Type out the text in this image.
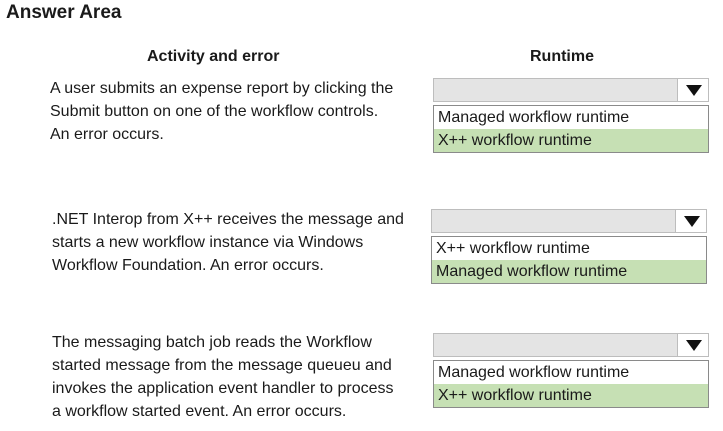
Answer Area
Activity and error	Runtime
A user submits an expense report by clicking the
Submit button on one of the workflow controls.
An error occurs.
Managed workflow runtime
X++ workflow runtime
.NET Interop from X++ receives the message and
starts a new workflow instance via Windows
Workflow Foundation. An error occurs.
X++ workflow runtime
Managed workflow runtime
The messaging batch job reads the Workflow
started message from the message queueu and
invokes the application event handler to process
a workflow started event. An error occurs.
Managed workflow runtime
X++ workflow runtime
